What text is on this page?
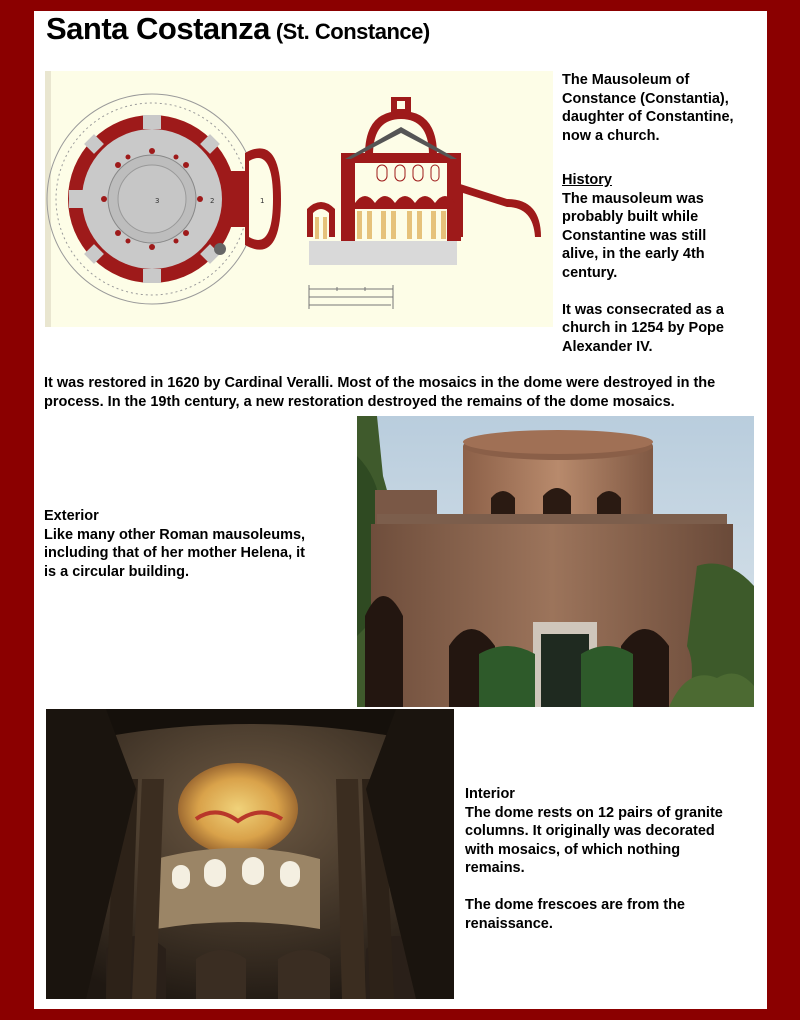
Santa Costanza (St. Constance)
3	2	1
The Mausoleum of
Constance (Constantia),
daughter of Constantine,
now a church.

History

The mausoleum was
probably built while
Constantine was still
alive, in the early 4th
century.

It was consecrated as a
church in 1254 by Pope
Alexander IV.

It was restored in 1620 by Cardinal Veralli. Most of the mosaics in the dome were destroyed in the process. In the 19th century, a new restoration destroyed the remains of the dome mosaics.

Exterior

Like many other Roman mausoleums,
including that of her mother Helena, it
is a circular building.

Interior

The dome rests on 12 pairs of granite
columns. It originally was decorated
with mosaics, of which nothing
remains.

The dome frescoes are from the
renaissance.
